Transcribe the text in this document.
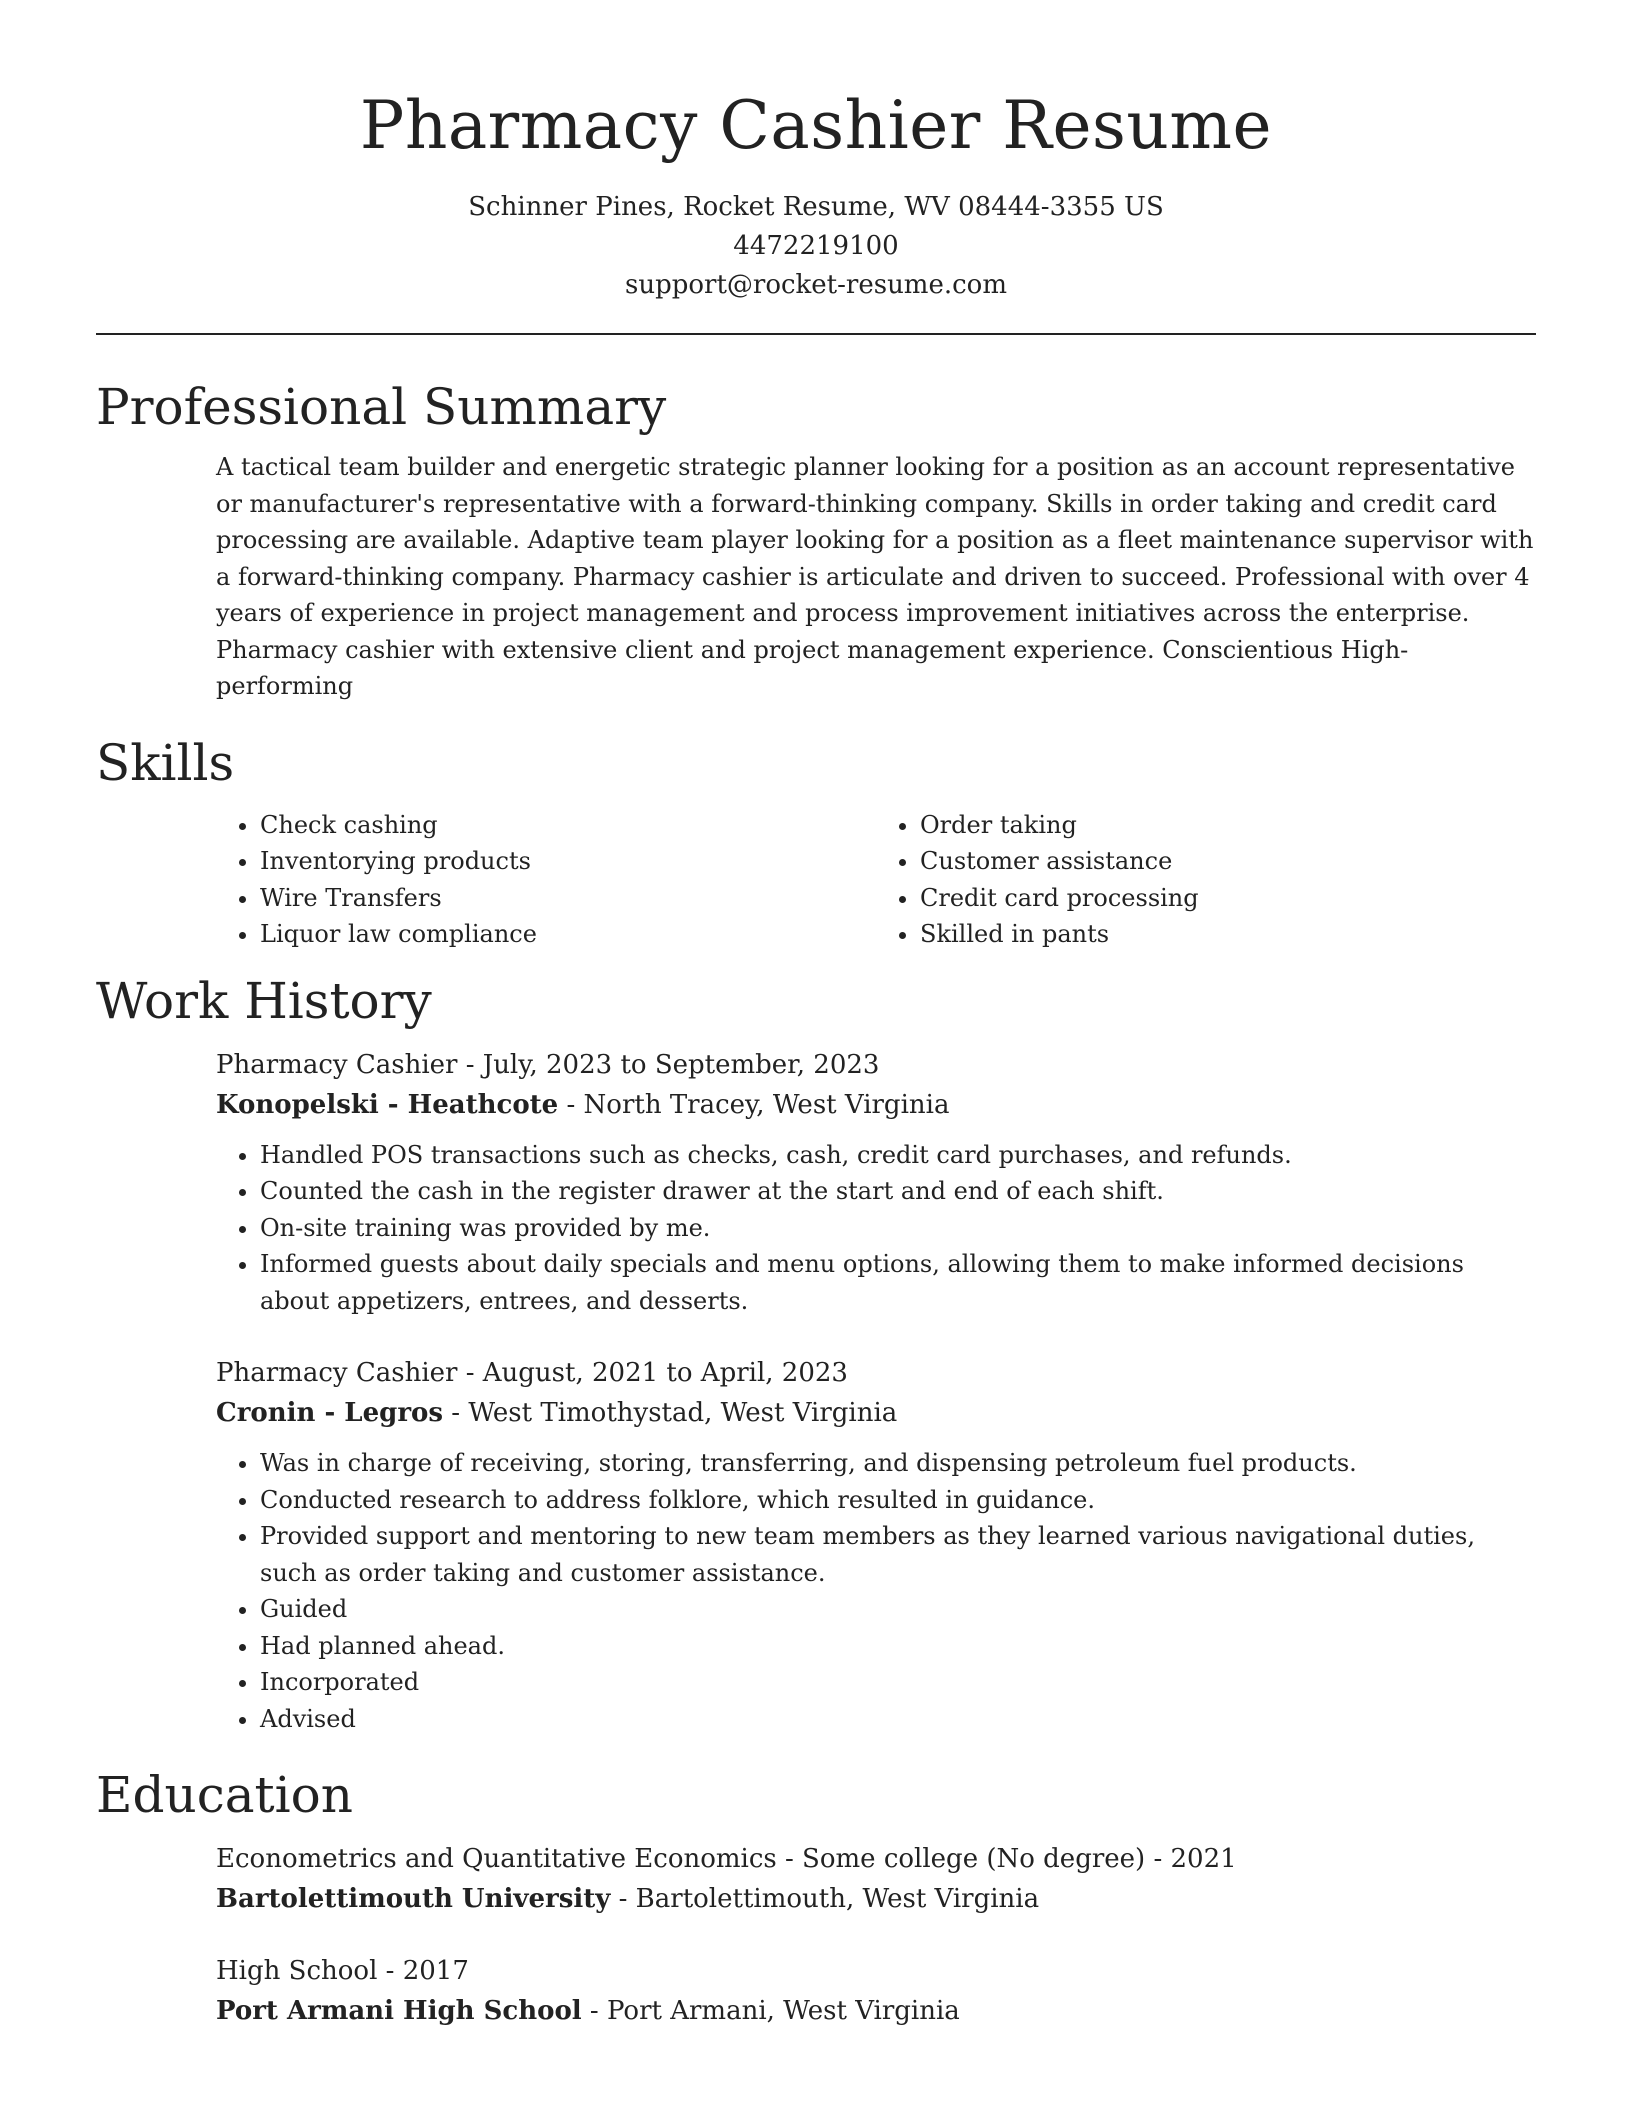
Pharmacy Cashier Resume
Schinner Pines, Rocket Resume, WV 08444-3355 US
4472219100
support@rocket-resume.com
Professional Summary

A tactical team builder and energetic strategic planner looking for a position as an account representative or manufacturer's representative with a forward-thinking company. Skills in order taking and credit card processing are available. Adaptive team player looking for a position as a fleet maintenance supervisor with a forward-thinking company. Pharmacy cashier is articulate and driven to succeed. Professional with over 4 years of experience in project management and process improvement initiatives across the enterprise. Pharmacy cashier with extensive client and project management experience. Conscientious High-performing

Skills
• Check cashing
• Inventorying products
• Wire Transfers
• Liquor law compliance
• Order taking
• Customer assistance
• Credit card processing
• Skilled in pants
Work History
Pharmacy Cashier - July, 2023 to September, 2023
Konopelski - Heathcote - North Tracey, West Virginia
• Handled POS transactions such as checks, cash, credit card purchases, and refunds.
• Counted the cash in the register drawer at the start and end of each shift.
• On-site training was provided by me.
• Informed guests about daily specials and menu options, allowing them to make informed decisions about appetizers, entrees, and desserts.
Pharmacy Cashier - August, 2021 to April, 2023
Cronin - Legros - West Timothystad, West Virginia
• Was in charge of receiving, storing, transferring, and dispensing petroleum fuel products.
• Conducted research to address folklore, which resulted in guidance.
• Provided support and mentoring to new team members as they learned various navigational duties, such as order taking and customer assistance.
• Guided
• Had planned ahead.
• Incorporated
• Advised
Education
Econometrics and Quantitative Economics - Some college (No degree) - 2021
Bartolettimouth University - Bartolettimouth, West Virginia
High School - 2017
Port Armani High School - Port Armani, West Virginia
